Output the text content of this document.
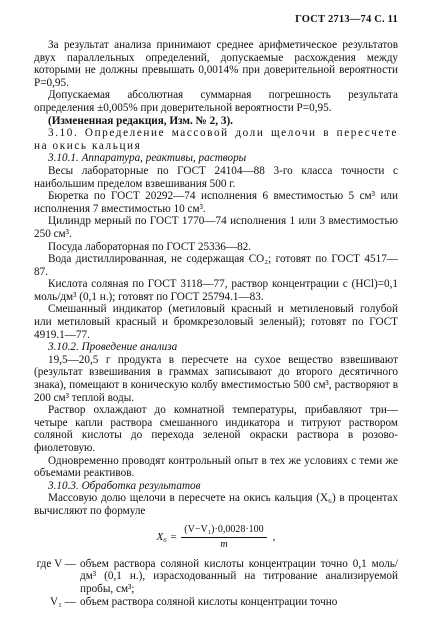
ГОСТ 2713—74 С. 11

За результат анализа принимают среднее арифметическое результатов двух параллельных определений, допускаемые расхождения между которыми не должны превышать 0,0014% при доверительной вероятности P=0,95.

Допускаемая абсолютная суммарная погрешность результата определения ±0,005% при доверительной вероятности P=0,95.

(Измененная редакция, Изм. № 2, 3).

3.10. Определение массовой доли щелочи в пересчете на окись кальция

3.10.1. Аппаратура, реактивы, растворы

Весы лабораторные по ГОСТ 24104—88 3-го класса точности с наибольшим пределом взвешивания 500 г.

Бюретка по ГОСТ 20292—74 исполнения 6 вместимостью 5 см³ или исполнения 7 вместимостью 10 см³.

Цилиндр мерный по ГОСТ 1770—74 исполнения 1 или 3 вместимостью 250 см³.

Посуда лабораторная по ГОСТ 25336—82.

Вода дистиллированная, не содержащая CO₂; готовят по ГОСТ 4517—87.

Кислота соляная по ГОСТ 3118—77, раствор концентрации c (HCl)=0,1 моль/дм³ (0,1 н.); готовят по ГОСТ 25794.1—83.

Смешанный индикатор (метиловый красный и метиленовый голубой или метиловый красный и бромкрезоловый зеленый); готовят по ГОСТ 4919.1—77.

3.10.2. Проведение анализа

19,5—20,5 г продукта в пересчете на сухое вещество взвешивают (результат взвешивания в граммах записывают до второго десятичного знака), помещают в коническую колбу вместимостью 500 см³, растворяют в 200 см³ теплой воды.

Раствор охлаждают до комнатной температуры, прибавляют три—четыре капли раствора смешанного индикатора и титруют раствором соляной кислоты до перехода зеленой окраски раствора в розово-фиолетовую.

Одновременно проводят контрольный опыт в тех же условиях с теми же объемами реактивов.

3.10.3. Обработка результатов

Массовую долю щелочи в пересчете на окись кальция (X₆) в процентах вычисляют по формуле

$X_6 = \frac{\text{(V−V₁)·0,0028·100}}{m}$ ,
где V — объем раствора соляной кислоты концентрации точно 0,1 моль/дм³ (0,1 н.), израсходованный на титрование анализируемой пробы, см³;
V₁ — объем раствора соляной кислоты концентрации точно
